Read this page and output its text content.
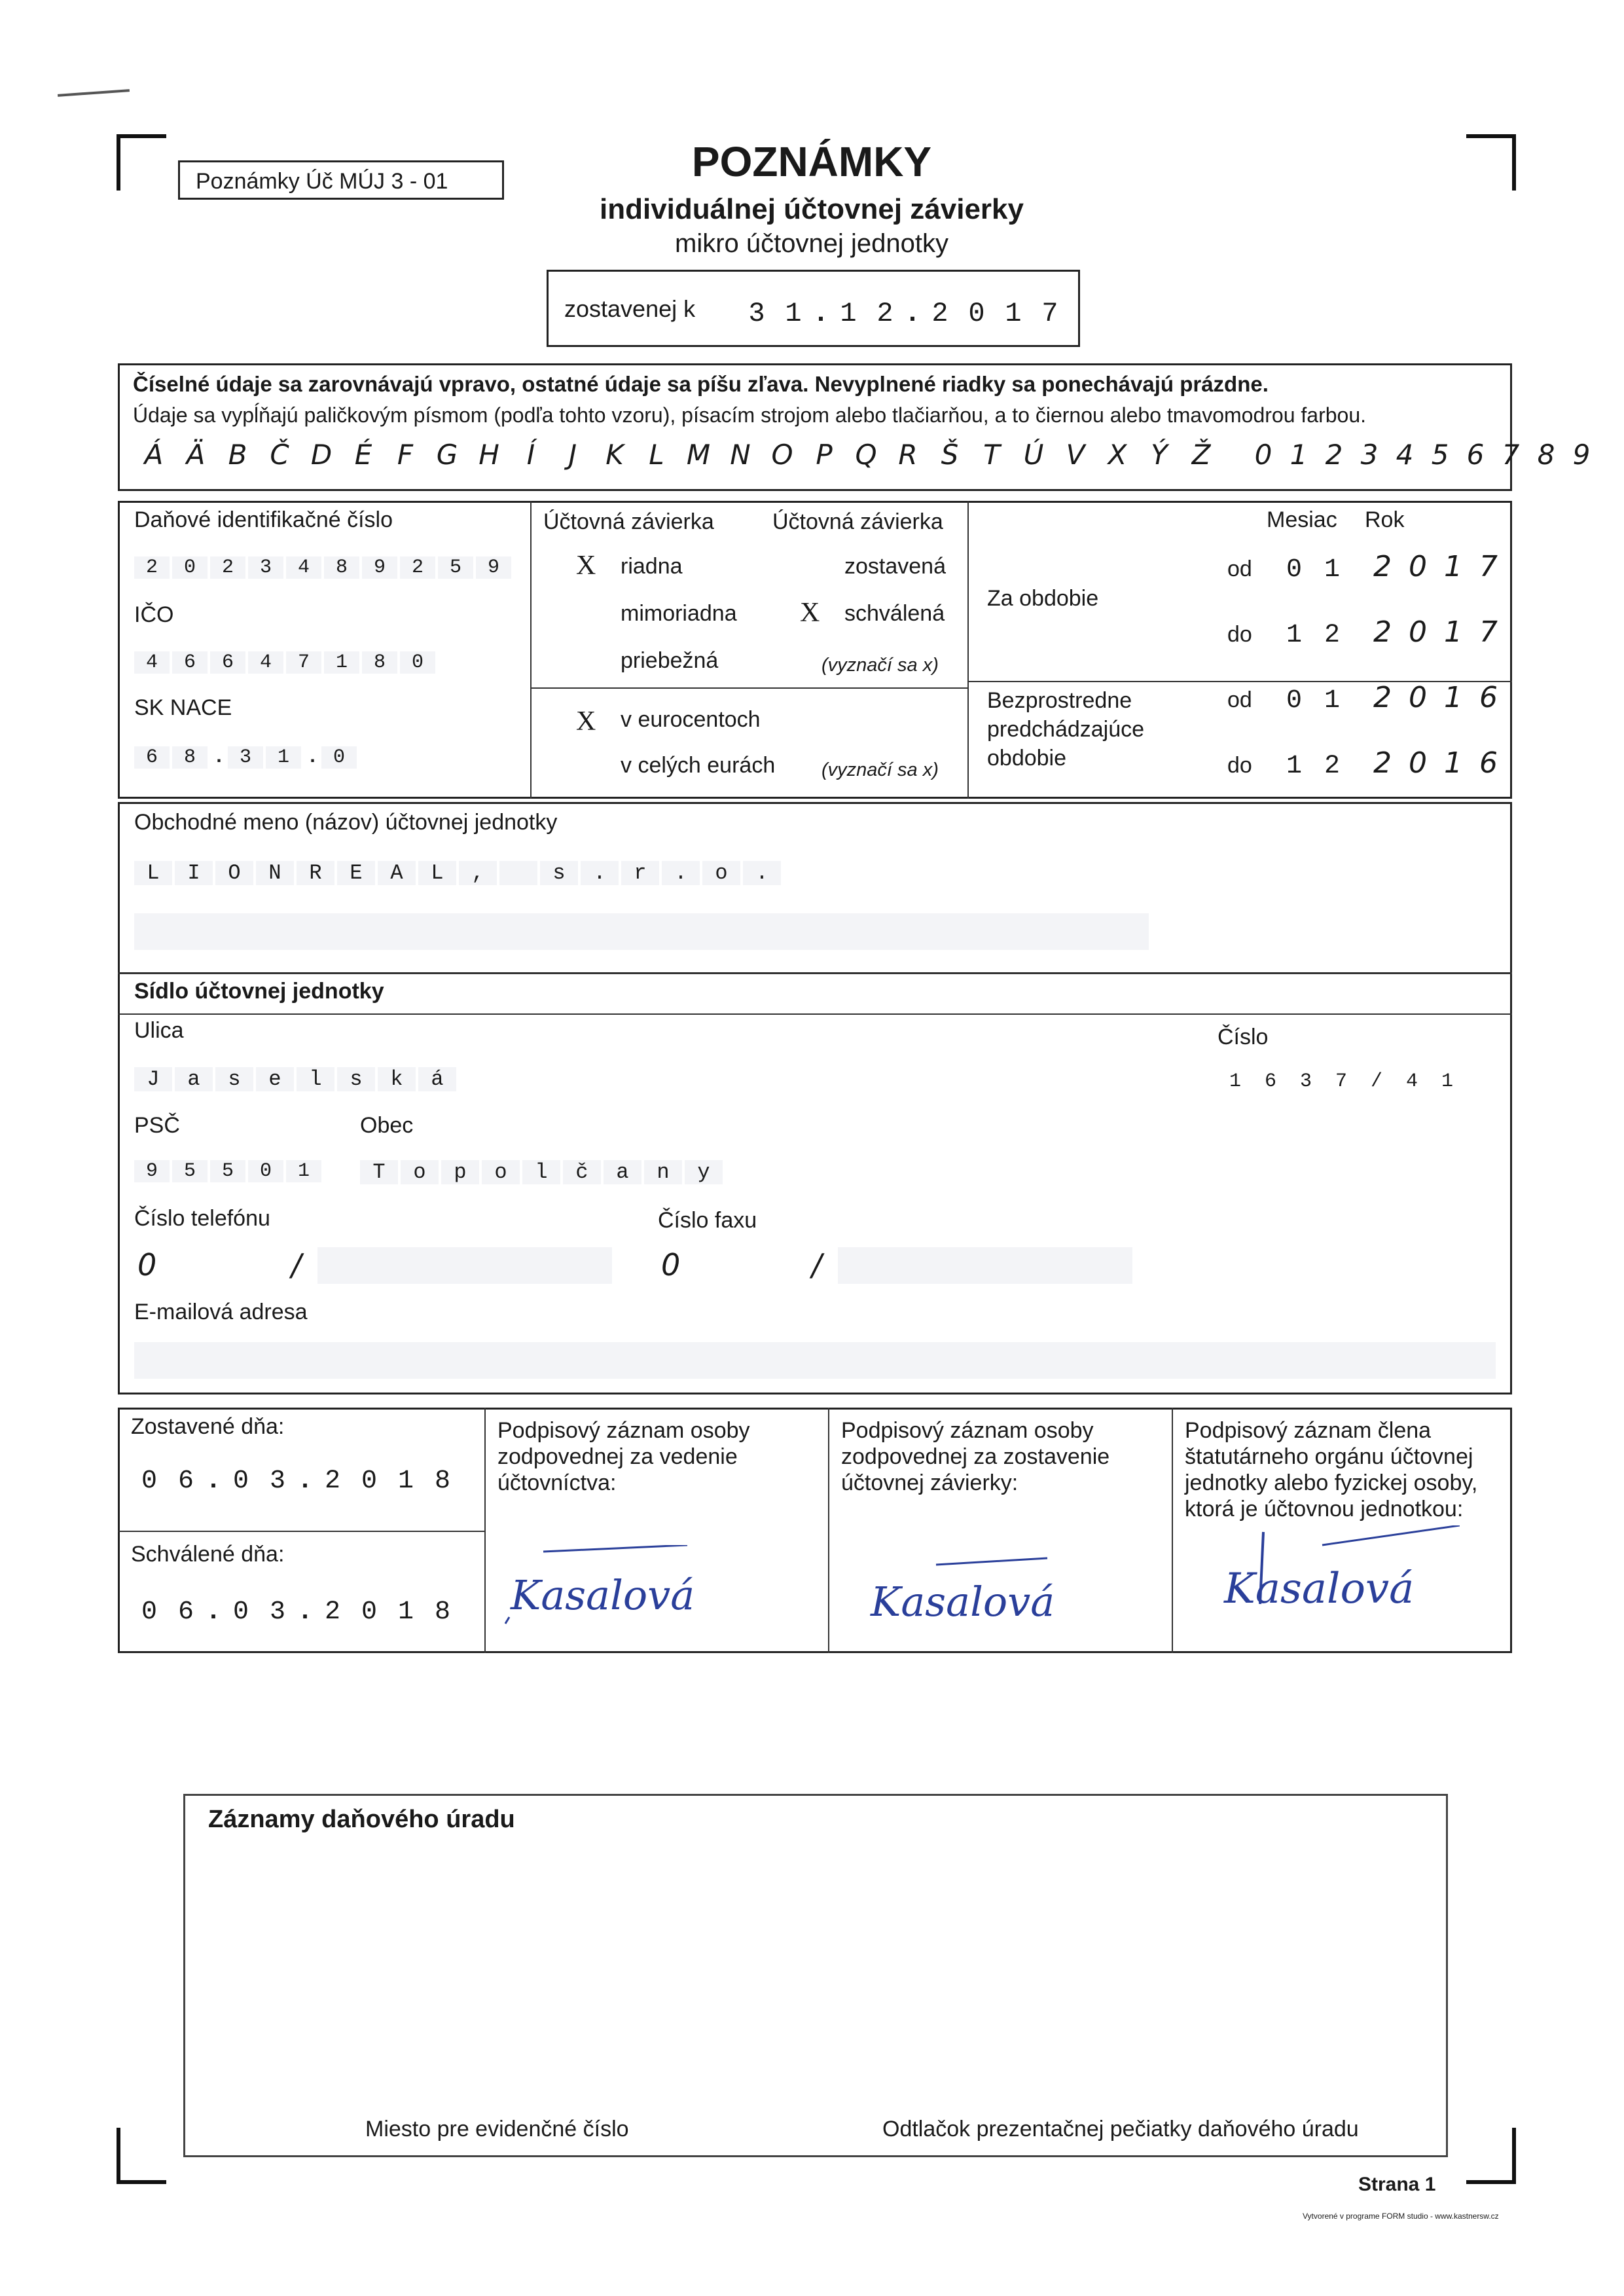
Poznámky Úč MÚJ 3 - 01	POZNÁMKY
individuálnej účtovnej závierky
mikro účtovnej jednotky
zostavenej k	3 1 . 1 2 . 2 0 1 7
Číselné údaje sa zarovnávajú vpravo, ostatné údaje sa píšu zľava. Nevyplnené riadky sa ponechávajú prázdne.
Údaje sa vypĺňajú paličkovým písmom (podľa tohto vzoru), písacím strojom alebo tlačiarňou, a to čiernou alebo tmavomodrou farbou.
Á Ä B Č D É F G H	Í	J	K L M N O P Q R Š T Ú V X Ý Ž	0 1 2 3 4 5 6 7 8 9
Daňové identifikačné číslo
2	0	2	3	4	8	9	2	5	9
IČO
4	6	6	4	7	1	8	0
SK NACE
6	8 . 3	1 . 0
Účtovná závierka	Účtovná závierka
X riadna	zostavená
mimoriadna X schválená
priebežná	(vyznačí sa x)
X v eurocentoch
v celých eurách (vyznačí sa x)
Mesiac Rok
Za obdobie
od	0 1	2 0 1 7
do	1 2	2 0 1 7
Bezprostredne predchádzajúce obdobie
od	0 1	2 0 1 6
do	1 2	2 0 1 6
Obchodné meno (názov) účtovnej jednotky
L	I	O	N	R	E	A	L	,	s	.	r	.	o	.
Sídlo účtovnej jednotky
Ulica
J	a	s	e	l	s	k	á
Číslo
1	6	3	7	/	4	1
PSČ
9	5	5	0	1
Obec
T	o	p	o	l	č	a	n	y
Číslo telefónu
0	/
Číslo faxu
0	/
E-mailová adresa
Zostavené dňa:
0 6 . 0 3 . 2 0 1 8
Schválené dňa:
0 6 . 0 3 . 2 0 1 8
Podpisový záznam osoby zodpovednej za vedenie účtovníctva:
Podpisový záznam osoby zodpovednej za zostavenie účtovnej závierky:
Podpisový záznam člena štatutárneho orgánu účtovnej jednotky alebo fyzickej osoby, ktorá je účtovnou jednotkou:
Kasalová	Kasalová	Kasalová
Záznamy daňového úradu
Miesto pre evidenčné číslo	Odtlačok prezentačnej pečiatky daňového úradu
Strana 1
Vytvorené v programe FORM studio - www.kastnersw.cz
